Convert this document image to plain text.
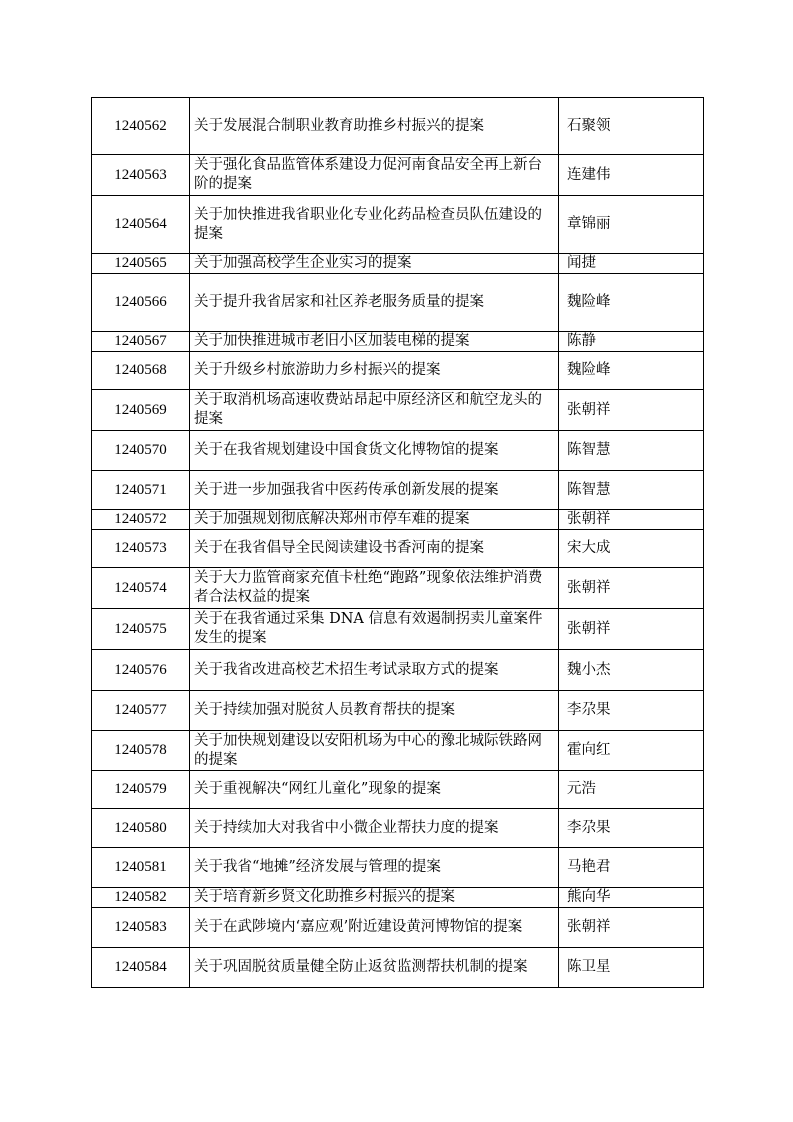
1240562	关于发展混合制职业教育助推乡村振兴的提案	石聚领
1240563	关于强化食品监管体系建设力促河南食品安全再上新台阶的提案	连建伟
1240564	关于加快推进我省职业化专业化药品检查员队伍建设的提案	章锦丽
1240565	关于加强高校学生企业实习的提案	闻捷
1240566	关于提升我省居家和社区养老服务质量的提案	魏险峰
1240567	关于加快推进城市老旧小区加装电梯的提案	陈静
1240568	关于升级乡村旅游助力乡村振兴的提案	魏险峰
1240569	关于取消机场高速收费站昂起中原经济区和航空龙头的提案	张朝祥
1240570	关于在我省规划建设中国食货文化博物馆的提案	陈智慧
1240571	关于进一步加强我省中医药传承创新发展的提案	陈智慧
1240572	关于加强规划彻底解决郑州市停车难的提案	张朝祥
1240573	关于在我省倡导全民阅读建设书香河南的提案	宋大成
1240574	关于大力监管商家充值卡杜绝“跑路”现象依法维护消费者合法权益的提案	张朝祥
1240575	关于在我省通过采集 DNA 信息有效遏制拐卖儿童案件发生的提案	张朝祥
1240576	关于我省改进高校艺术招生考试录取方式的提案	魏小杰
1240577	关于持续加强对脱贫人员教育帮扶的提案	李尕果
1240578	关于加快规划建设以安阳机场为中心的豫北城际铁路网的提案	霍向红
1240579	关于重视解决“网红儿童化”现象的提案	元浩
1240580	关于持续加大对我省中小微企业帮扶力度的提案	李尕果
1240581	关于我省“地摊”经济发展与管理的提案	马艳君
1240582	关于培育新乡贤文化助推乡村振兴的提案	熊向华
1240583	关于在武陟境内‘嘉应观’附近建设黄河博物馆的提案	张朝祥
1240584	关于巩固脱贫质量健全防止返贫监测帮扶机制的提案	陈卫星
